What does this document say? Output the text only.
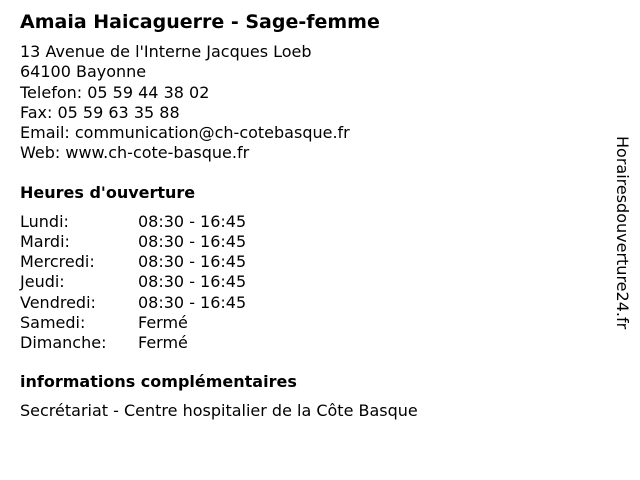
Amaia Haicaguerre - Sage-femme
13 Avenue de l'Interne Jacques Loeb
64100 Bayonne
Telefon: 05 59 44 38 02
Fax: 05 59 63 35 88
Email: communication@ch-cotebasque.fr
Web: www.ch-cote-basque.fr
Heures d'ouverture
Lundi:	08:30 - 16:45
Mardi:	08:30 - 16:45
Mercredi:	08:30 - 16:45
Jeudi:	08:30 - 16:45
Vendredi:	08:30 - 16:45
Samedi:	Fermé
Dimanche:	Fermé
informations complémentaires
Secrétariat - Centre hospitalier de la Côte Basque
Horairesdouverture24.fr
